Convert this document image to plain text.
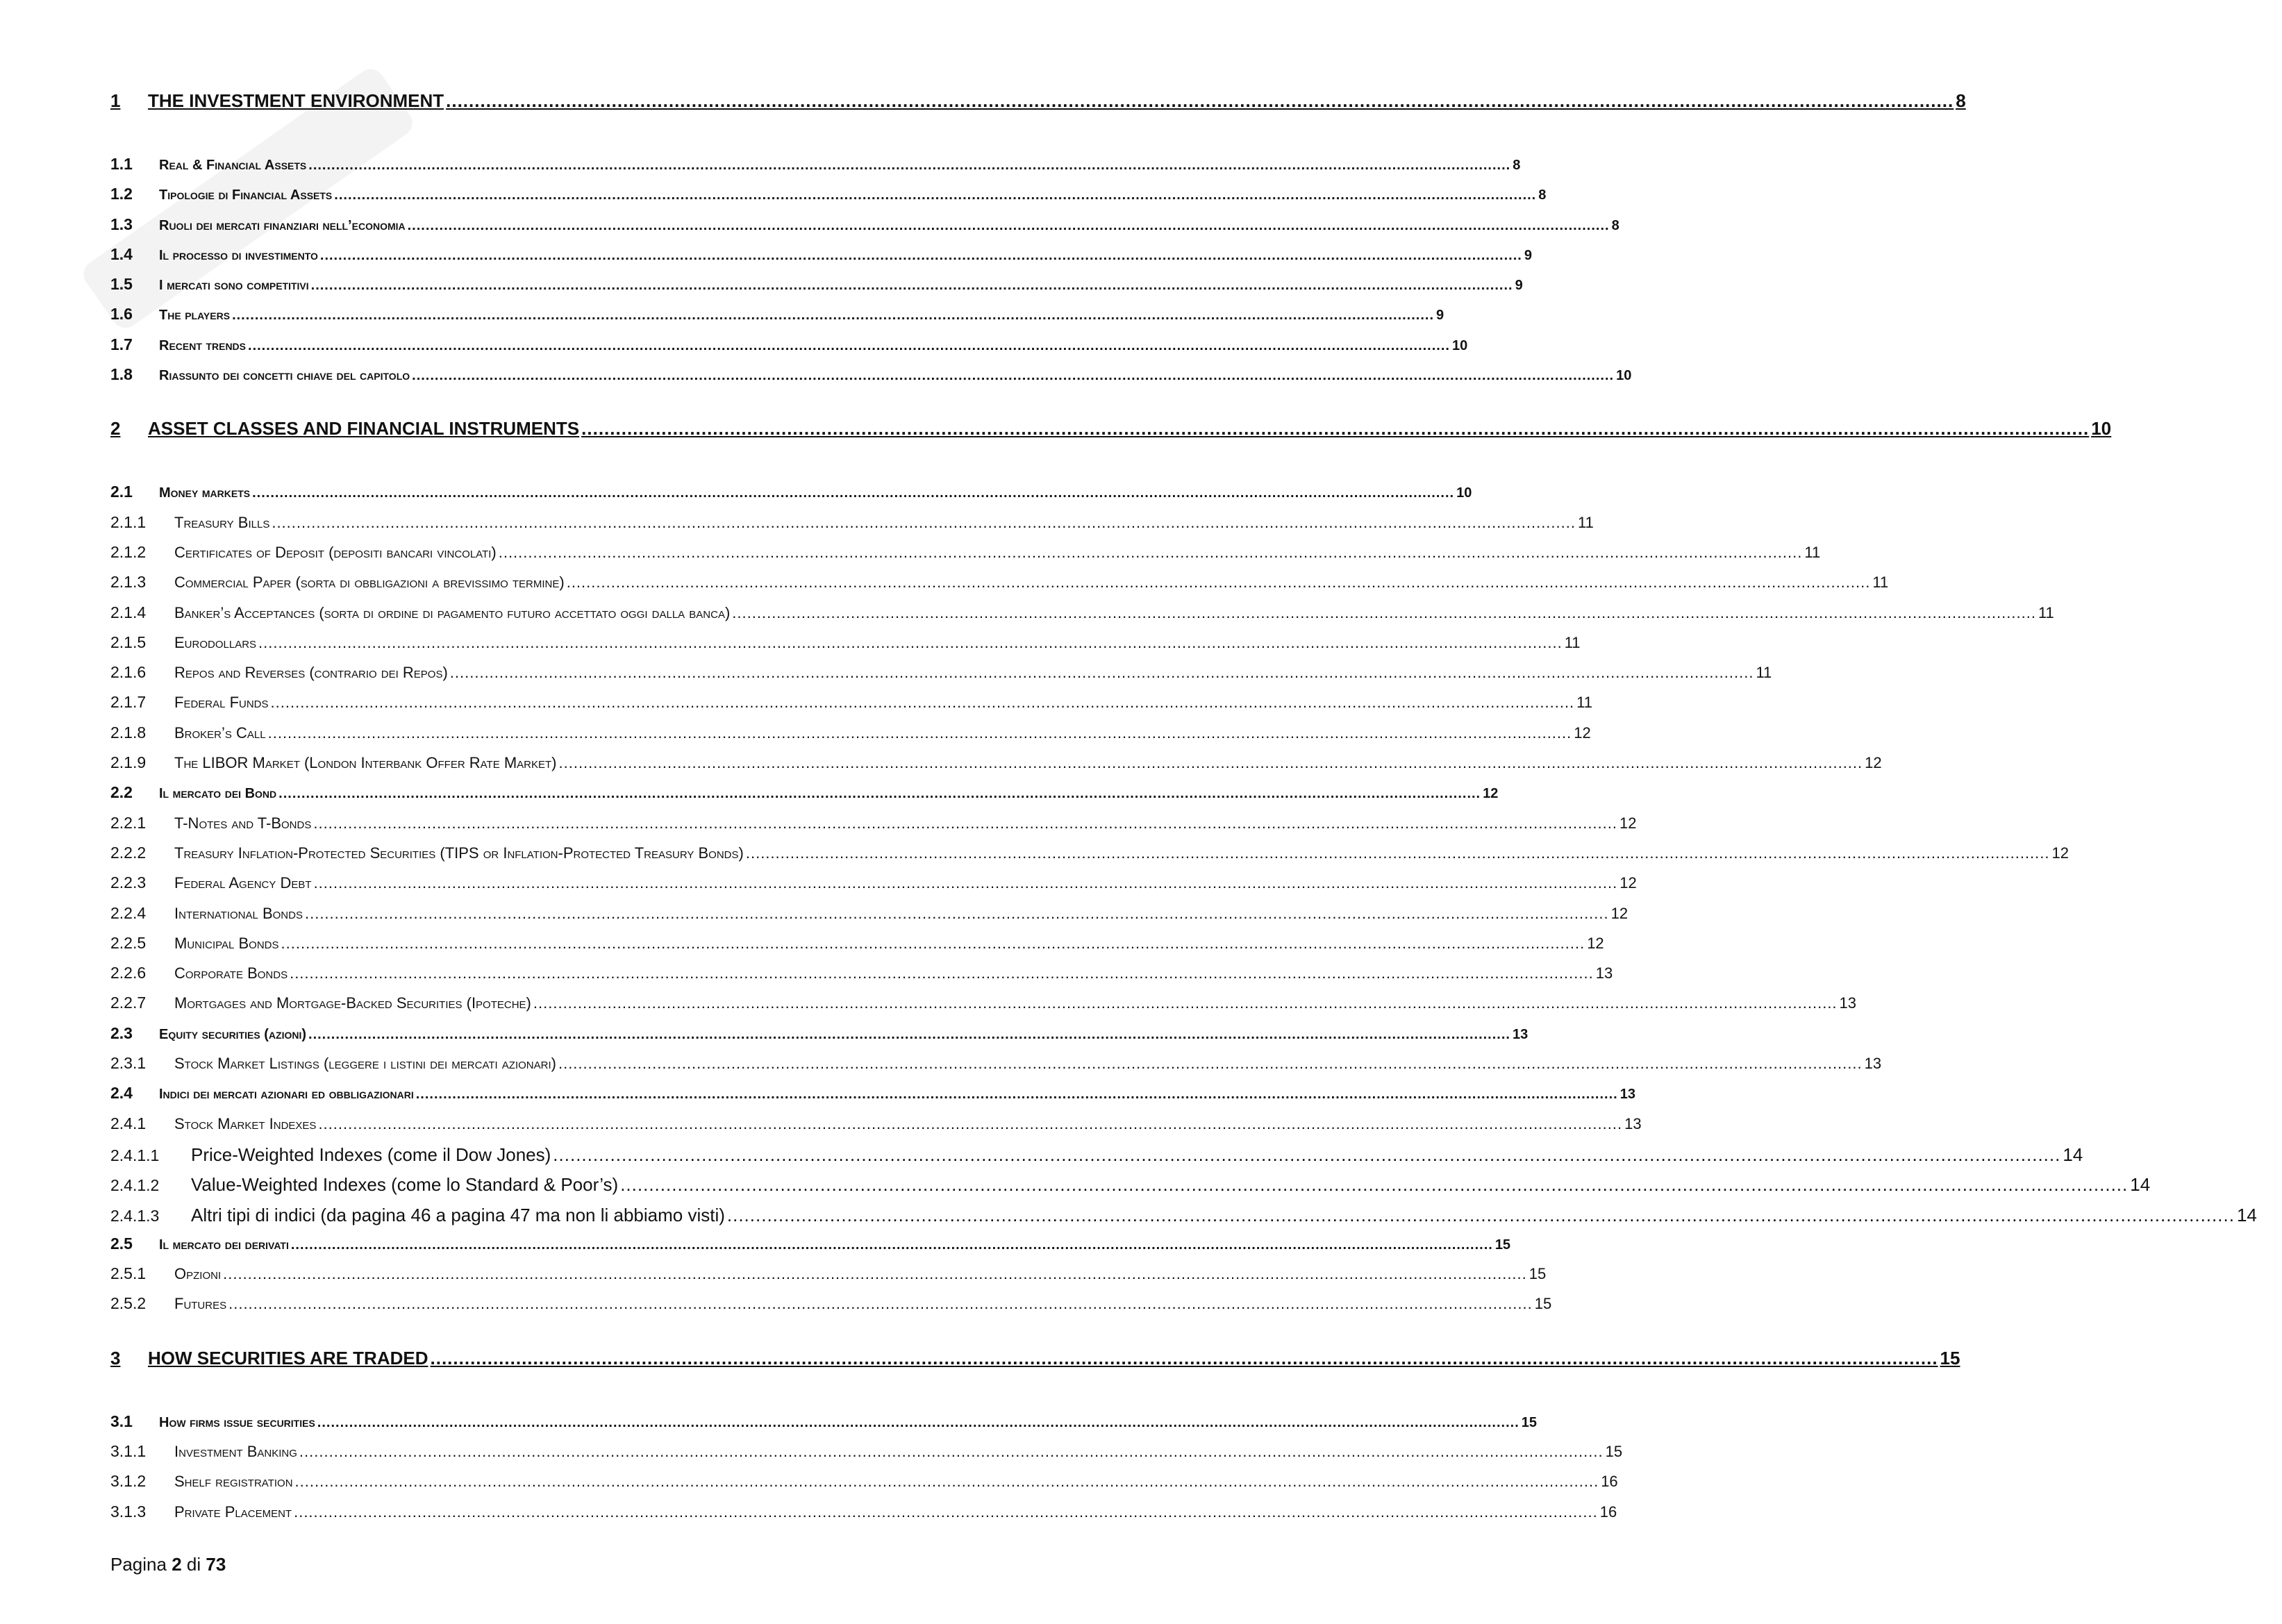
1	THE INVESTMENT ENVIRONMENT .....	8
1.1	Real & Financial Assets .....	8
1.2	Tipologie di Financial Assets .....	8
1.3	Ruoli dei mercati finanziari nell’economia .....	8
1.4	Il processo di investimento .....	9
1.5	I mercati sono competitivi .....	9
1.6	The players .....	9
1.7	Recent trends .....	10
1.8	Riassunto dei concetti chiave del capitolo .....	10
2	ASSET CLASSES AND FINANCIAL INSTRUMENTS .....	10
2.1	Money markets .....	10
2.1.1	Treasury Bills .....	11
2.1.2	Certificates of Deposit (depositi bancari vincolati) .....	11
2.1.3	Commercial Paper (sorta di obbligazioni a brevissimo termine) .....	11
2.1.4	Banker’s Acceptances (sorta di ordine di pagamento futuro accettato oggi dalla banca) .....	11
2.1.5	Eurodollars .....	11
2.1.6	Repos and Reverses (contrario dei Repos) .....	11
2.1.7	Federal Funds .....	11
2.1.8	Broker’s Call .....	12
2.1.9	The LIBOR Market (London Interbank Offer Rate Market) .....	12
2.2	Il mercato dei Bond .....	12
2.2.1	T-Notes and T-Bonds .....	12
2.2.2	Treasury Inflation-Protected Securities (TIPS or Inflation-Protected Treasury Bonds) .....	12
2.2.3	Federal Agency Debt .....	12
2.2.4	International Bonds .....	12
2.2.5	Municipal Bonds .....	12
2.2.6	Corporate Bonds .....	13
2.2.7	Mortgages and Mortgage-Backed Securities (Ipoteche) .....	13
2.3	Equity securities (azioni) .....	13
2.3.1	Stock Market Listings (leggere i listini dei mercati azionari) .....	13
2.4	Indici dei mercati azionari ed obbligazionari .....	13
2.4.1	Stock Market Indexes .....	13
2.4.1.1	Price-Weighted Indexes (come il Dow Jones) .....	14
2.4.1.2	Value-Weighted Indexes (come lo Standard & Poor’s) .....	14
2.4.1.3	Altri tipi di indici (da pagina 46 a pagina 47 ma non li abbiamo visti) .....	14
2.5	Il mercato dei derivati .....	15
2.5.1	Opzioni .....	15
2.5.2	Futures .....	15
3	HOW SECURITIES ARE TRADED .....	15
3.1	How firms issue securities .....	15
3.1.1	Investment Banking .....	15
3.1.2	Shelf registration .....	16
3.1.3	Private Placement .....	16
Pagina 2 di 73
